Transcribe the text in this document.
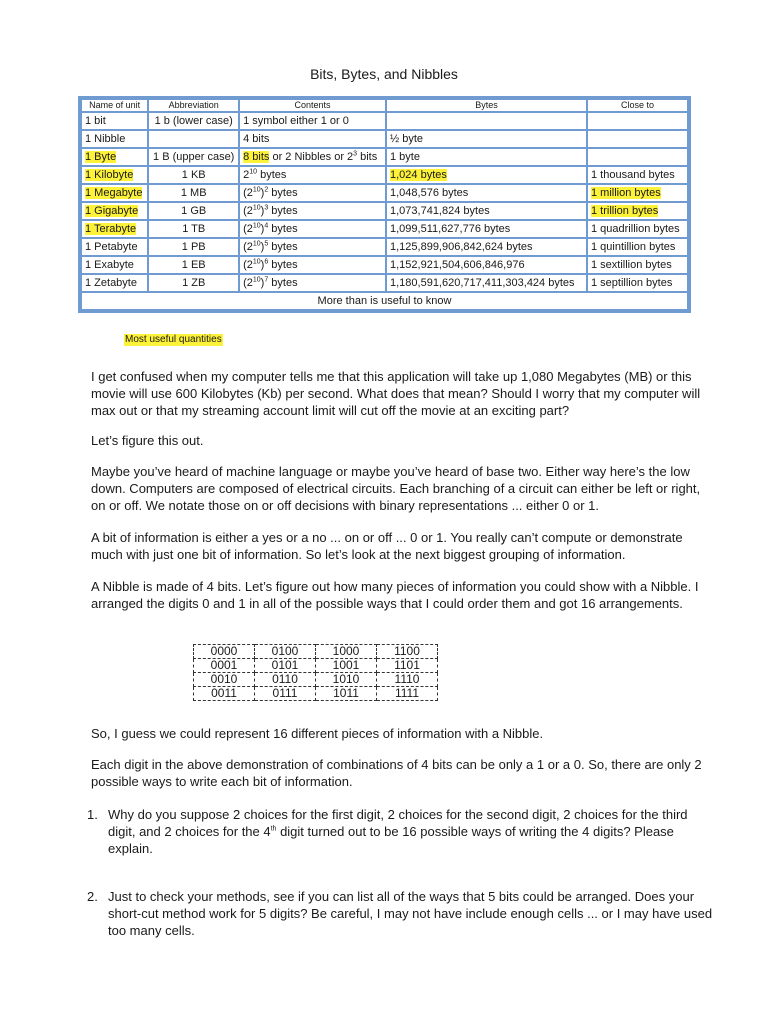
Bits, Bytes, and Nibbles
Name of unit	Abbreviation	Contents	Bytes	Close to
1 bit	1 b (lower case)	1 symbol either 1 or 0		
1 Nibble		4 bits	½ byte	
1 Byte	1 B (upper case)	8 bits or 2 Nibbles or $2^3$ bits	1 byte	
1 Kilobyte	1 KB	$2^{10}$ bytes	1,024 bytes	1 thousand bytes
1 Megabyte	1 MB	$(2^{10})^2$ bytes	1,048,576 bytes	1 million bytes
1 Gigabyte	1 GB	$(2^{10})^3$ bytes	1,073,741,824 bytes	1 trillion bytes
1 Terabyte	1 TB	$(2^{10})^4$ bytes	1,099,511,627,776 bytes	1 quadrillion bytes
1 Petabyte	1 PB	$(2^{10})^5$ bytes	1,125,899,906,842,624 bytes	1 quintillion bytes
1 Exabyte	1 EB	$(2^{10})^6$ bytes	1,152,921,504,606,846,976	1 sextillion bytes
1 Zetabyte	1 ZB	$(2^{10})^7$ bytes	1,180,591,620,717,411,303,424 bytes	1 septillion bytes
More than is useful to know				
Most useful quantities

I get confused when my computer tells me that this application will take up 1,080 Megabytes (MB) or this movie will use 600 Kilobytes (Kb) per second. What does that mean? Should I worry that my computer will max out or that my streaming account limit will cut off the movie at an exciting part?

Let’s figure this out.

Maybe you’ve heard of machine language or maybe you’ve heard of base two. Either way here’s the low down. Computers are composed of electrical circuits. Each branching of a circuit can either be left or right, on or off. We notate those on or off decisions with binary representations ... either 0 or 1.

A bit of information is either a yes or a no ... on or off ... 0 or 1. You really can’t compute or demonstrate much with just one bit of information. So let’s look at the next biggest grouping of information.

A Nibble is made of 4 bits. Let’s figure out how many pieces of information you could show with a Nibble. I arranged the digits 0 and 1 in all of the possible ways that I could order them and got 16 arrangements.

0000	0100	1000	1100
0001	0101	1001	1101
0010	0110	1010	1110
0011	0111	1011	1111

So, I guess we could represent 16 different pieces of information with a Nibble.

Each digit in the above demonstration of combinations of 4 bits can be only a 1 or a 0. So, there are only 2 possible ways to write each bit of information.

1. Why do you suppose 2 choices for the first digit, 2 choices for the second digit, 2 choices for the third digit, and 2 choices for the 4th digit turned out to be 16 possible ways of writing the 4 digits? Please explain.
2. Just to check your methods, see if you can list all of the ways that 5 bits could be arranged. Does your short-cut method work for 5 digits? Be careful, I may not have include enough cells ... or I may have used too many cells.
